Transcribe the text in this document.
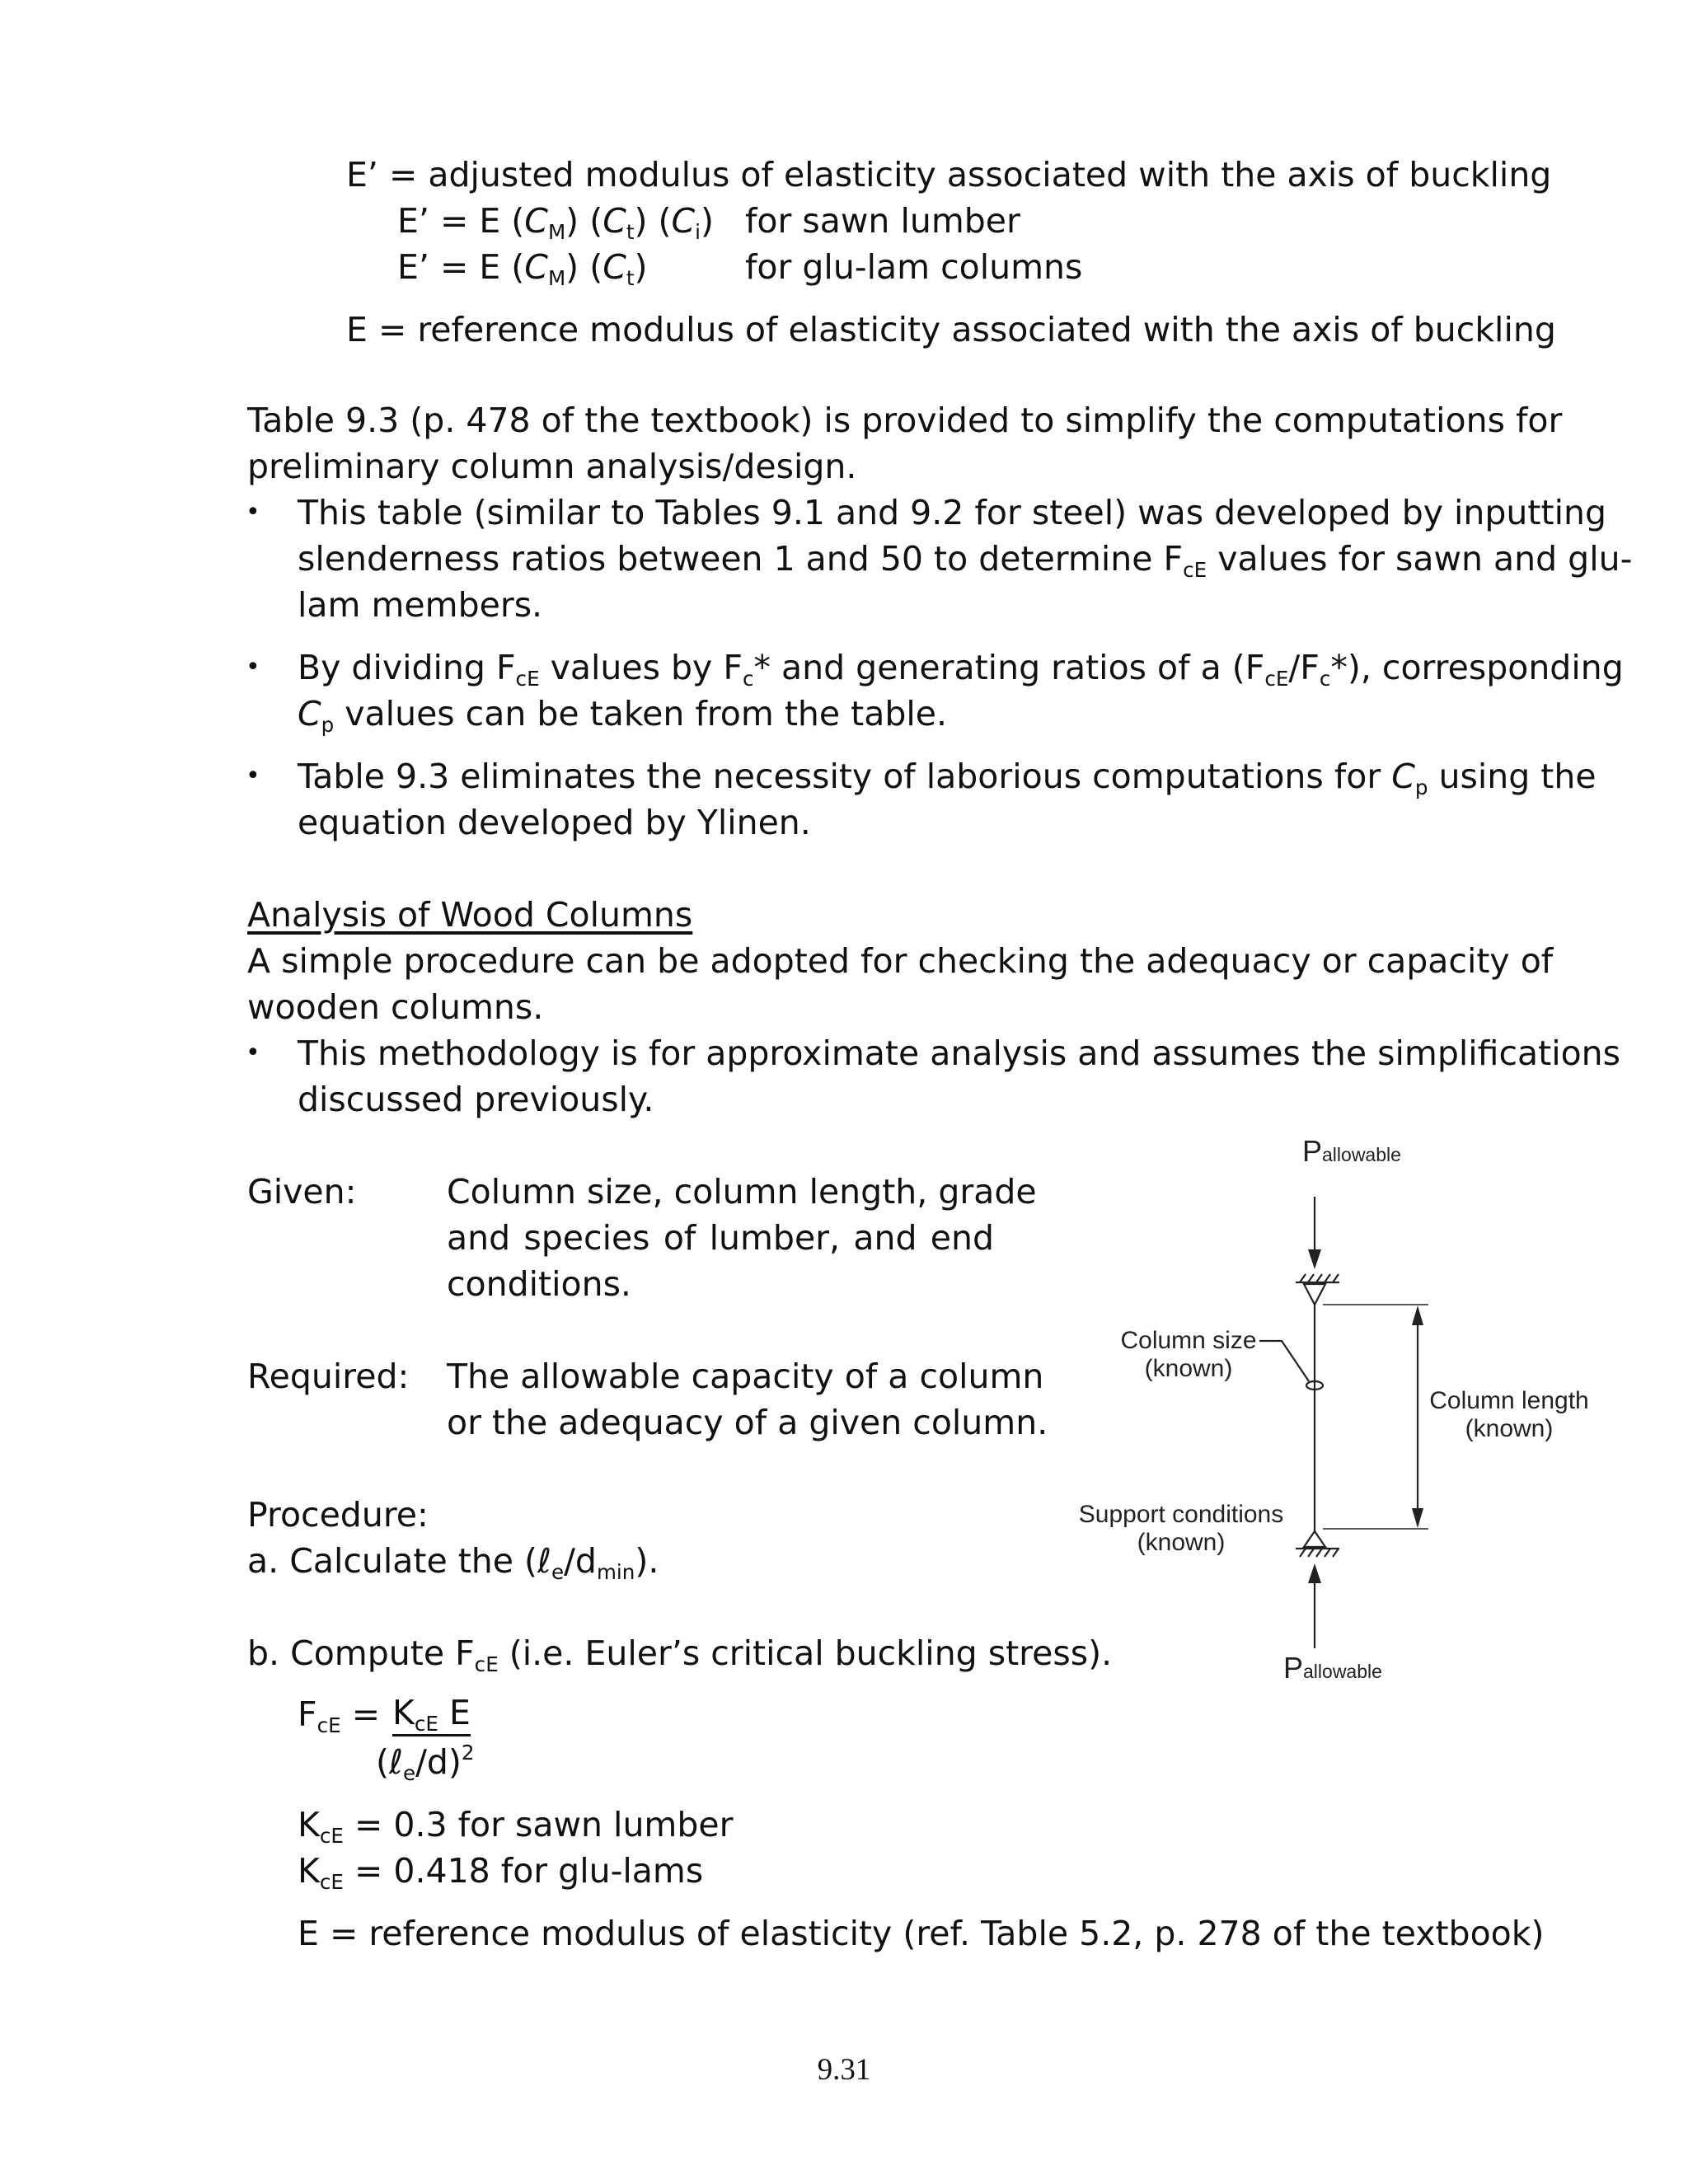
E’ = adjusted modulus of elasticity associated with the axis of buckling
E’ = E $(C_M)$ $(C_t)$ $(C_i)$ for sawn lumber
E’ = E $(C_M)$ $(C_t)$	for glu-lam columns
E = reference modulus of elasticity associated with the axis of buckling
Table 9.3 (p. 478 of the textbook) is provided to simplify the computations for
preliminary column analysis/design.
• This table (similar to Tables 9.1 and 9.2 for steel) was developed by inputting
slenderness ratios between 1 and 50 to determine $F_{cE}$ values for sawn and glu-
lam members.
• By dividing $F_{cE}$ values by $F_c*$ and generating ratios of a $(F_{cE}/F_c*)$, corresponding
$C_p$ values can be taken from the table.
• Table 9.3 eliminates the necessity of laborious computations for $C_p$ using the
equation developed by Ylinen.
Analysis of Wood Columns
A simple procedure can be adopted for checking the adequacy or capacity of
wooden columns.
• This methodology is for approximate analysis and assumes the simplifications
discussed previously.
Given:	Column size, column length, grade
and species of lumber, and end
conditions.
Required: The allowable capacity of a column
or the adequacy of a given column.
Procedure:
a. Calculate the $(\ell_e/d_{min})$.
b. Compute $F_{cE}$ (i.e. Euler’s critical buckling stress).
$F_{cE} = K_{cE}$ E
(ℓ$_e$/d)$^2$
$K_{cE} = 0.3$ for sawn lumber
$K_{cE} = 0.418$ for glu-lams
E = reference modulus of elasticity (ref. Table 5.2, p. 278 of the textbook)
Pallowable
Column size
(known)
Column length
(known)
Support conditions
(known)
Pallowable
9.31
